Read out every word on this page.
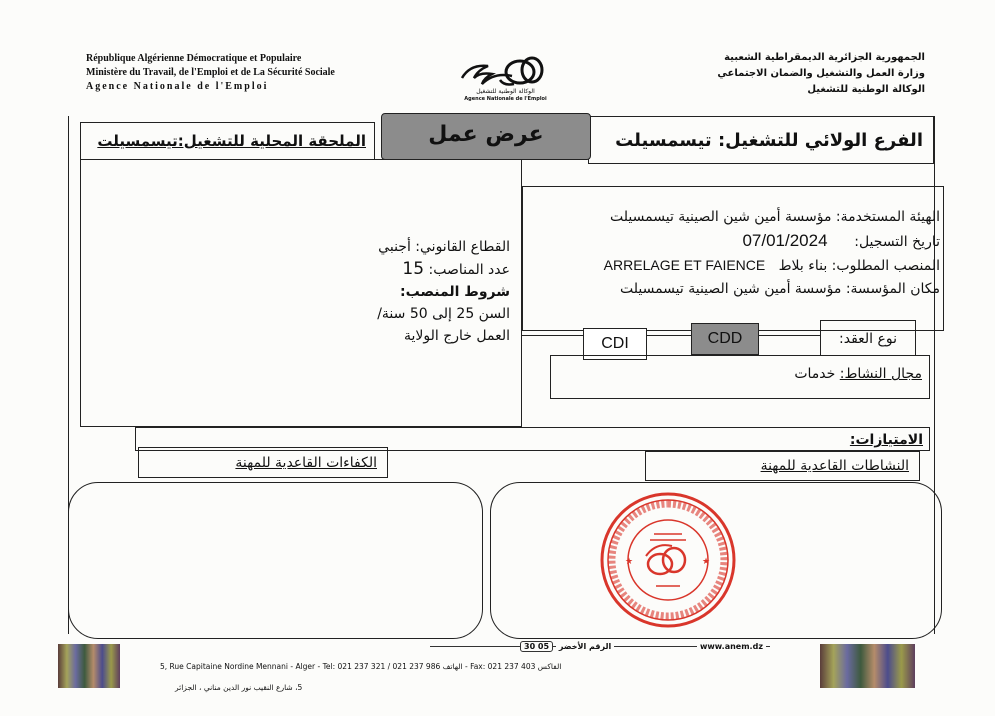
République Algérienne Démocratique et Populaire
Ministère du Travail, de l'Emploi et de La Sécurité Sociale
Agence Nationale de l'Emploi	الوكالة الوطنية للتشغيل
Agence Nationale de l'Emploi
الجمهورية الجزائرية الديمقراطية الشعبية
وزارة العمل والتشغيل والضمان الاجتماعي
الوكالة الوطنية للتشغيل
الملحقة المحلية للتشغيل:تيسمسيلت	الفرع الولائي للتشغيل: تيسمسيلت
عرض عمل
القطاع القانوني: أجنبي
عدد المناصب: 15
شروط المنصب:
السن 25 إلى 50 سنة/
العمل خارج الولاية
الهيئة المستخدمة: مؤسسة أمين شين الصينية تيسمسيلت
تاريخ التسجيل:      07/01/2024
المنصب المطلوب: بناء بلاط   ARRELAGE ET FAIENCE
مكان المؤسسة: مؤسسة أمين شين الصينية تيسمسيلت
نوع العقد:
CDD
CDI
مجال النشاط: خدمات
الامتيازات:
الكفاءات القاعدية للمهنة	النشاطات القاعدية للمهنة
★	★
30 05 الرقم الأخضر	www.anem.dz
5, Rue Capitaine Nordine Mennani - Alger - Tel: 021 237 321 / 021 237 986 الهاتف - Fax: 021 237 403 الفاكس
5، شارع النقيب نور الدين مناني ، الجزائر
